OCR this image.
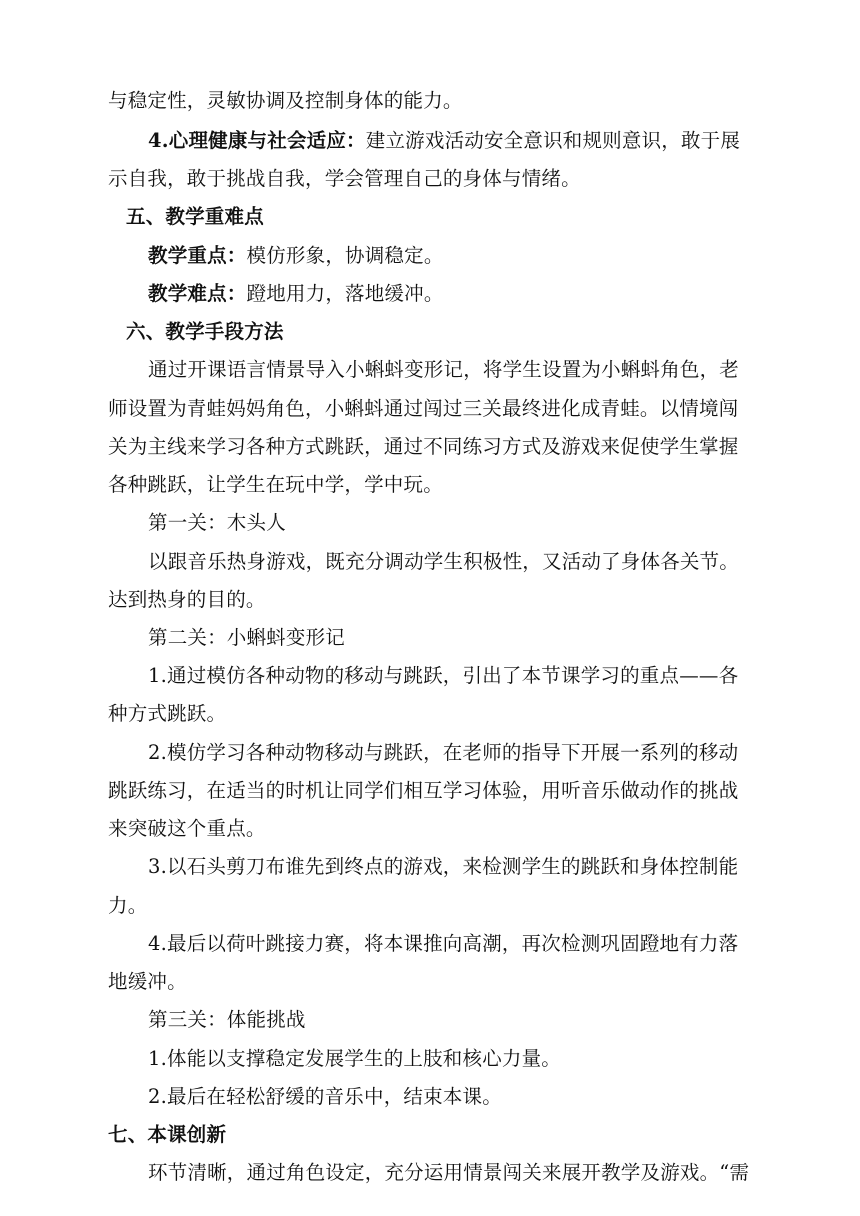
与稳定性，灵敏协调及控制身体的能力。
4.心理健康与社会适应：建立游戏活动安全意识和规则意识，敢于展
示自我，敢于挑战自我，学会管理自己的身体与情绪。
五、教学重难点
教学重点：模仿形象，协调稳定。
教学难点：蹬地用力，落地缓冲。
六、教学手段方法
通过开课语言情景导入小蝌蚪变形记，将学生设置为小蝌蚪角色，老
师设置为青蛙妈妈角色，小蝌蚪通过闯过三关最终进化成青蛙。以情境闯
关为主线来学习各种方式跳跃，通过不同练习方式及游戏来促使学生掌握
各种跳跃，让学生在玩中学，学中玩。
第一关：木头人
以跟音乐热身游戏，既充分调动学生积极性，又活动了身体各关节。
达到热身的目的。
第二关：小蝌蚪变形记
1.通过模仿各种动物的移动与跳跃，引出了本节课学习的重点——各
种方式跳跃。
2.模仿学习各种动物移动与跳跃，在老师的指导下开展一系列的移动
跳跃练习，在适当的时机让同学们相互学习体验，用听音乐做动作的挑战
来突破这个重点。
3.以石头剪刀布谁先到终点的游戏，来检测学生的跳跃和身体控制能
力。
4.最后以荷叶跳接力赛，将本课推向高潮，再次检测巩固蹬地有力落
地缓冲。
第三关：体能挑战
1.体能以支撑稳定发展学生的上肢和核心力量。
2.最后在轻松舒缓的音乐中，结束本课。
七、本课创新
环节清晰，通过角色设定，充分运用情景闯关来展开教学及游戏。“需
